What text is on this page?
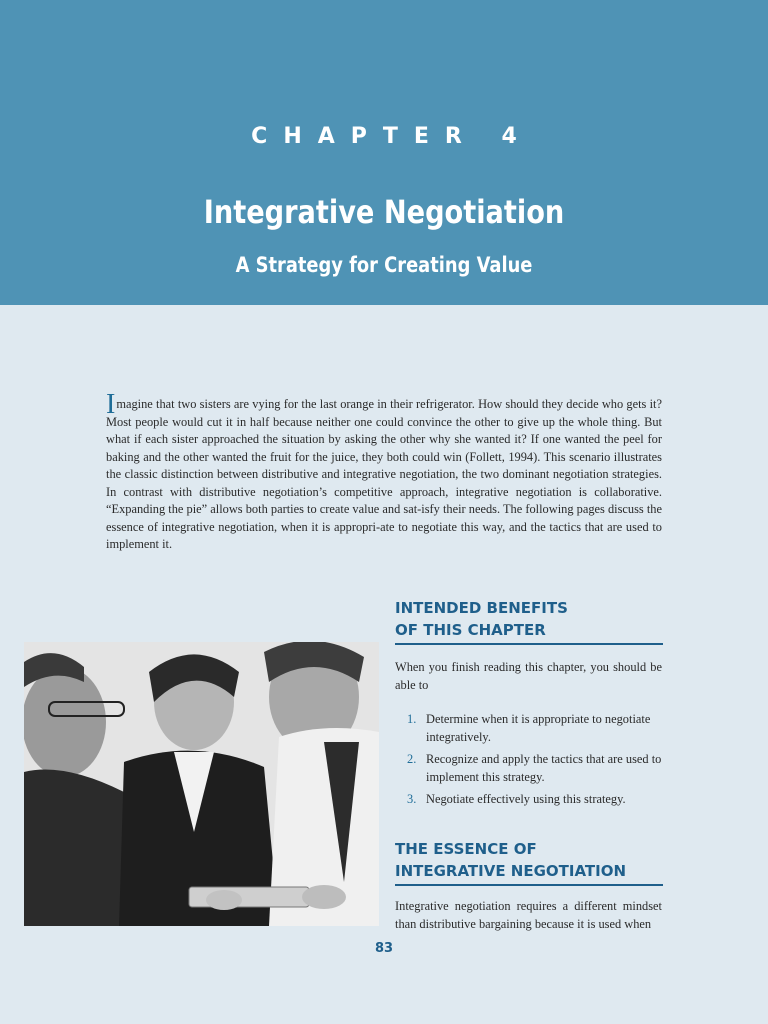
CHAPTER 4
Integrative Negotiation
A Strategy for Creating Value
Imagine that two sisters are vying for the last orange in their refrigerator. How should they decide who gets it? Most people would cut it in half because neither one could convince the other to give up the whole thing. But what if each sister approached the situation by asking the other why she wanted it? If one wanted the peel for baking and the other wanted the fruit for the juice, they both could win (Follett, 1994). This scenario illustrates the classic distinction between distributive and integrative negotiation, the two dominant negotiation strategies. In contrast with distributive negotiation’s competitive approach, integrative negotiation is collaborative. “Expanding the pie” allows both parties to create value and sat-isfy their needs. The following pages discuss the essence of integrative negotiation, when it is appropri-ate to negotiate this way, and the tactics that are used to implement it.
INTENDED BENEFITS
OF THIS CHAPTER
When you finish reading this chapter, you should be able to
1. Determine when it is appropriate to negotiate integratively.
2. Recognize and apply the tactics that are used to implement this strategy.
3. Negotiate effectively using this strategy.
THE ESSENCE OF
INTEGRATIVE NEGOTIATION
Integrative negotiation requires a different mindset than distributive bargaining because it is used when
83
